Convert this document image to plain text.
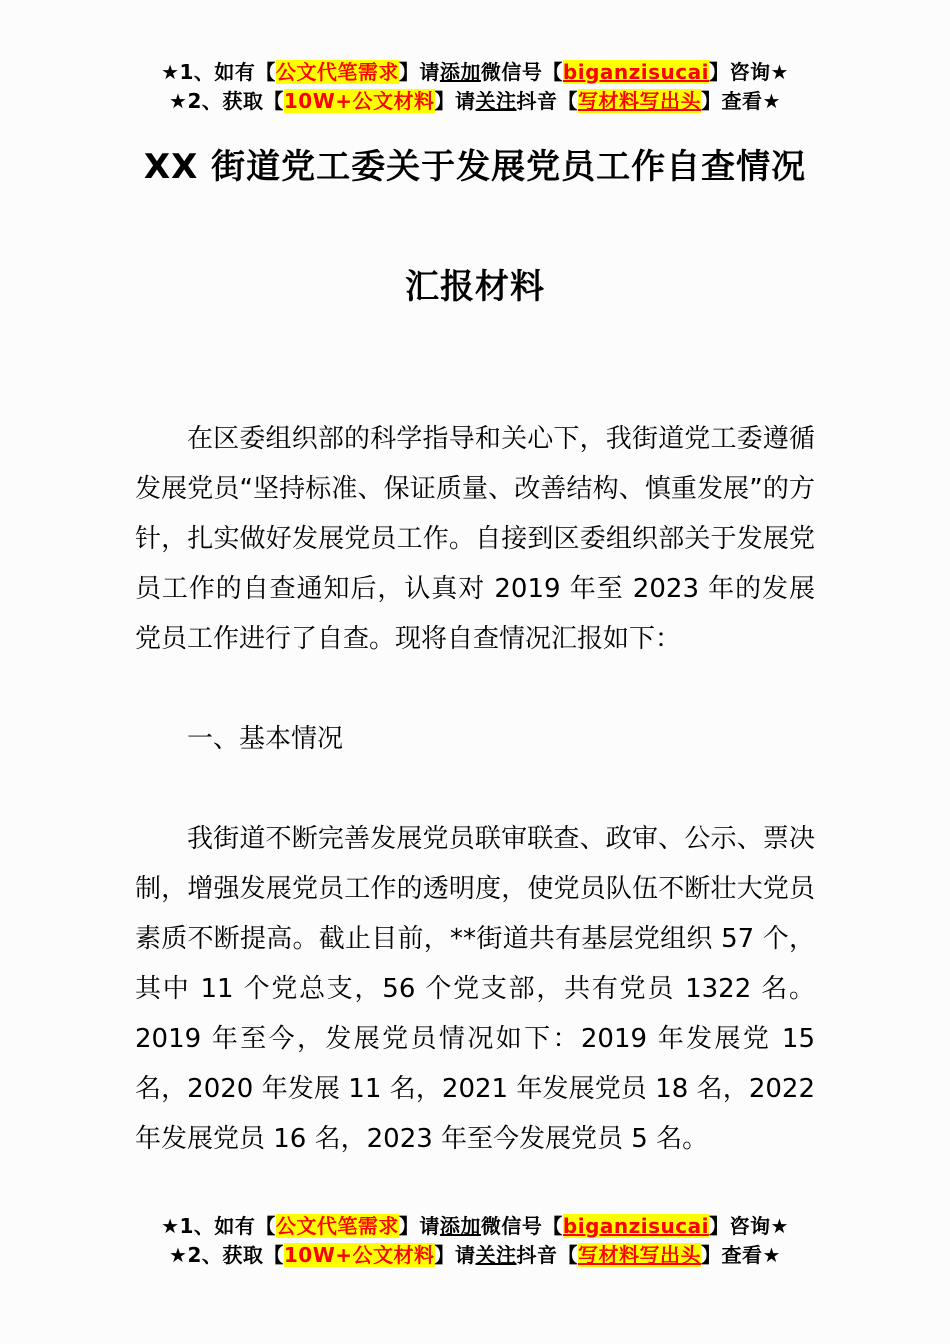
★1、如有【公文代笔需求】请添加微信号【biganzisucai】咨询★
★2、获取【10W+公文材料】请关注抖音【写材料写出头】查看★
XX 街道党工委关于发展党员工作自查情况
汇报材料

在区委组织部的科学指导和关心下，我街道党工委遵循发展党员“坚持标准、保证质量、改善结构、慎重发展”的方针，扎实做好发展党员工作。自接到区委组织部关于发展党员工作的自查通知后，认真对 2019 年至 2023 年的发展党员工作进行了自查。现将自查情况汇报如下：

一、基本情况

我街道不断完善发展党员联审联查、政审、公示、票决制，增强发展党员工作的透明度，使党员队伍不断壮大党员素质不断提高。截止目前，**街道共有基层党组织 57 个，其中 11 个党总支，56 个党支部，共有党员 1322 名。2019 年至今，发展党员情况如下：2019 年发展党 15 名，2020 年发展 11 名，2021 年发展党员 18 名，2022 年发展党员 16 名，2023 年至今发展党员 5 名。

★1、如有【公文代笔需求】请添加微信号【biganzisucai】咨询★
★2、获取【10W+公文材料】请关注抖音【写材料写出头】查看★
